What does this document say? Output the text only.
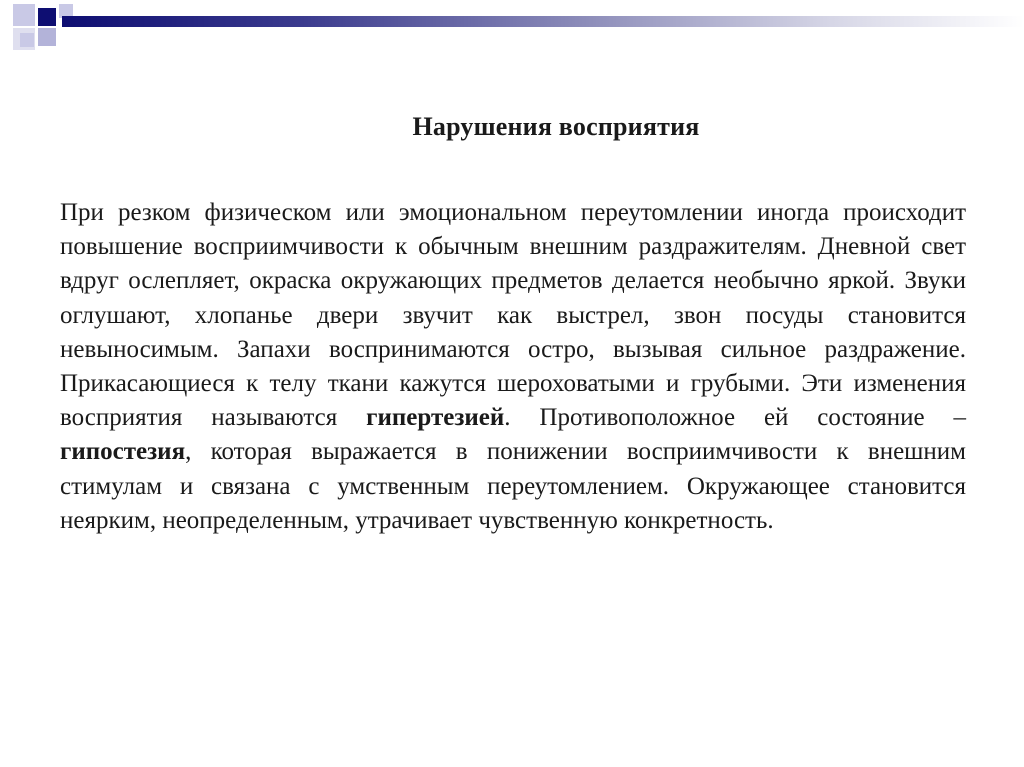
Нарушения восприятия

При резком физическом или эмоциональном переутомлении иногда происходит повышение восприимчивости к обычным внешним раздражителям. Дневной свет вдруг ослепляет, окраска окружающих предметов делается необычно яркой. Звуки оглушают, хлопанье двери звучит как выстрел, звон посуды становится невыносимым. Запахи воспринимаются остро, вызывая сильное раздражение. Прикасающиеся к телу ткани кажутся шероховатыми и грубыми. Эти изменения восприятия называются гипертезией. Противоположное ей состояние – гипостезия, которая выражается в понижении восприимчивости к внешним стимулам и связана с умственным переутомлением. Окружающее становится неярким, неопределенным, утрачивает чувственную конкретность.
